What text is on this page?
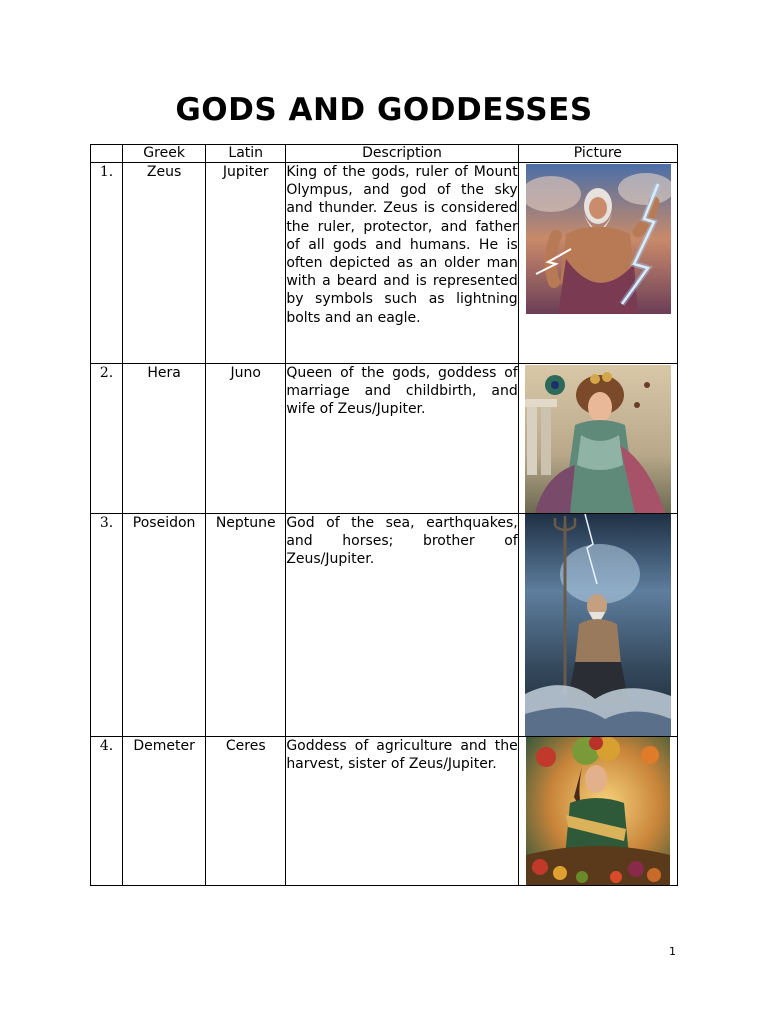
GODS AND GODDESSES
	Greek	Latin	Description	Picture
1.	Zeus	Jupiter	King of the gods, ruler of Mount Olympus, and god of the sky and thunder. Zeus is considered the ruler, protector, and father of all gods and humans. He is often depicted as an older man with a beard and is represented by symbols such as lightning bolts and an eagle.

2.	Hera	Juno	Queen of the gods, goddess of marriage and childbirth, and wife of Zeus/Jupiter.

3.	Poseidon	Neptune	God of the sea, earthquakes, and horses; brother of Zeus/Jupiter.

4.	Demeter	Ceres	Goddess of agriculture and the harvest, sister of Zeus/Jupiter.

1
